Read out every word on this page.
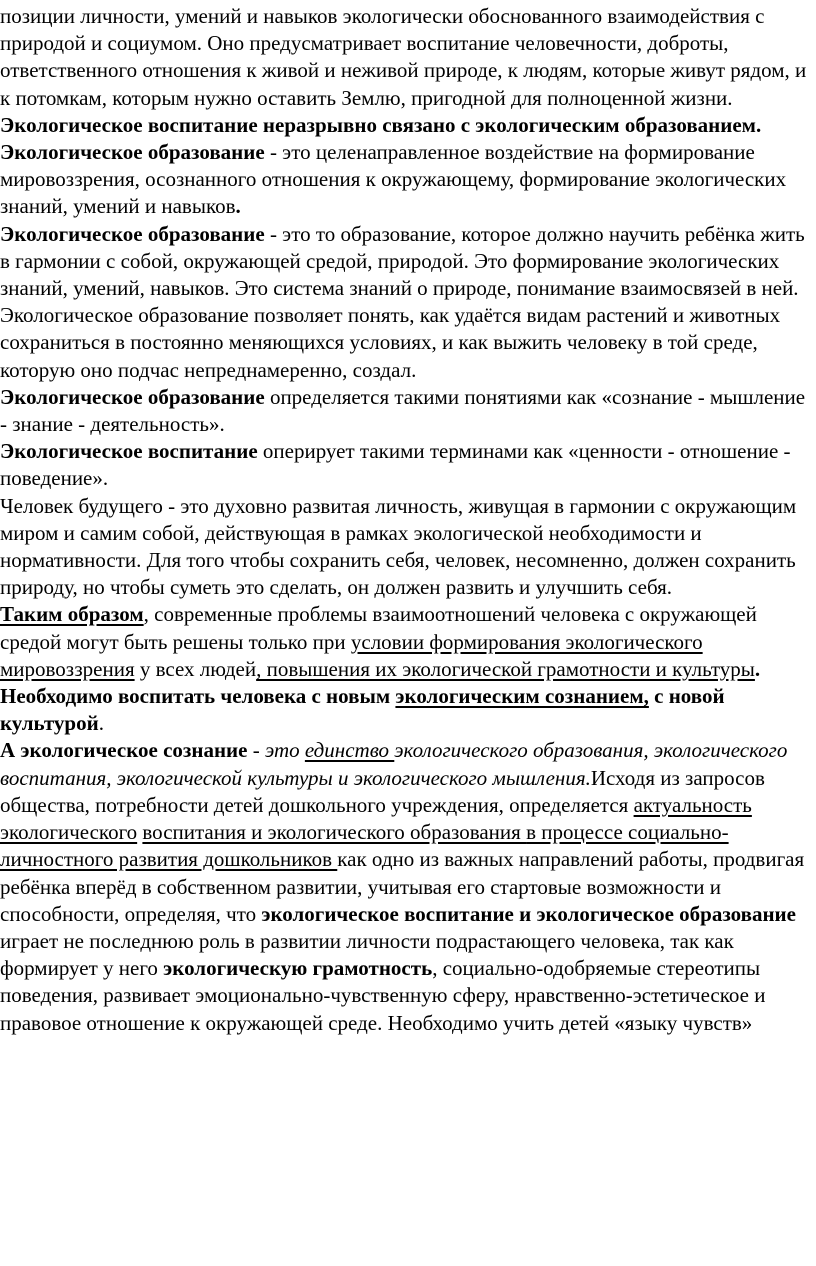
позиции личности, умений и навыков экологически обоснованного взаимодействия с природой и социумом. Оно предусматривает воспитание человечности, доброты, ответственного отношения к живой и неживой природе, к людям, которые живут рядом, и к потомкам, которым нужно оставить Землю, пригодной для полноценной жизни.

Экологическое воспитание неразрывно связано с экологическим образованием.

Экологическое образование - это целенаправленное воздействие на формирование мировоззрения, осознанного отношения к окружающему, формирование экологических знаний, умений и навыков.

Экологическое образование - это то образование, которое должно научить ребёнка жить в гармонии с собой, окружающей средой, природой. Это формирование экологических знаний, умений, навыков. Это система знаний о природе, понимание взаимосвязей в ней. Экологическое образование позволяет понять, как удаётся видам растений и животных сохраниться в постоянно меняющихся условиях, и как выжить человеку в той среде, которую оно подчас непреднамеренно, создал.

Экологическое образование определяется такими понятиями как «сознание - мышление - знание - деятельность».

Экологическое воспитание оперирует такими терминами как «ценности - отношение - поведение».

Человек будущего - это духовно развитая личность, живущая в гармонии с окружающим миром и самим собой, действующая в рамках экологической необходимости и нормативности. Для того чтобы сохранить себя, человек, несомненно, должен сохранить природу, но чтобы суметь это сделать, он должен развить и улучшить себя.

Таким образом, современные проблемы взаимоотношений человека с окружающей средой могут быть решены только при условии формирования экологического мировоззрения у всех людей, повышения их экологической грамотности и культуры.

Необходимо воспитать человека с новым экологическим сознанием, с новой культурой.

А экологическое сознание - это единство экологического образования, экологического воспитания, экологической культуры и экологического мышления.Исходя из запросов общества, потребности детей дошкольного учреждения, определяется актуальность экологического воспитания и экологического образования в процессе социально-личностного развития дошкольников как одно из важных направлений работы, продвигая ребёнка вперёд в собственном развитии, учитывая его стартовые возможности и способности, определяя, что экологическое воспитание и экологическое образование играет не последнюю роль в развитии личности подрастающего человека, так как формирует у него экологическую грамотность, социально-одобряемые стереотипы поведения, развивает эмоционально-чувственную сферу, нравственно-эстетическое и правовое отношение к окружающей среде. Необходимо учить детей «языку чувств»
